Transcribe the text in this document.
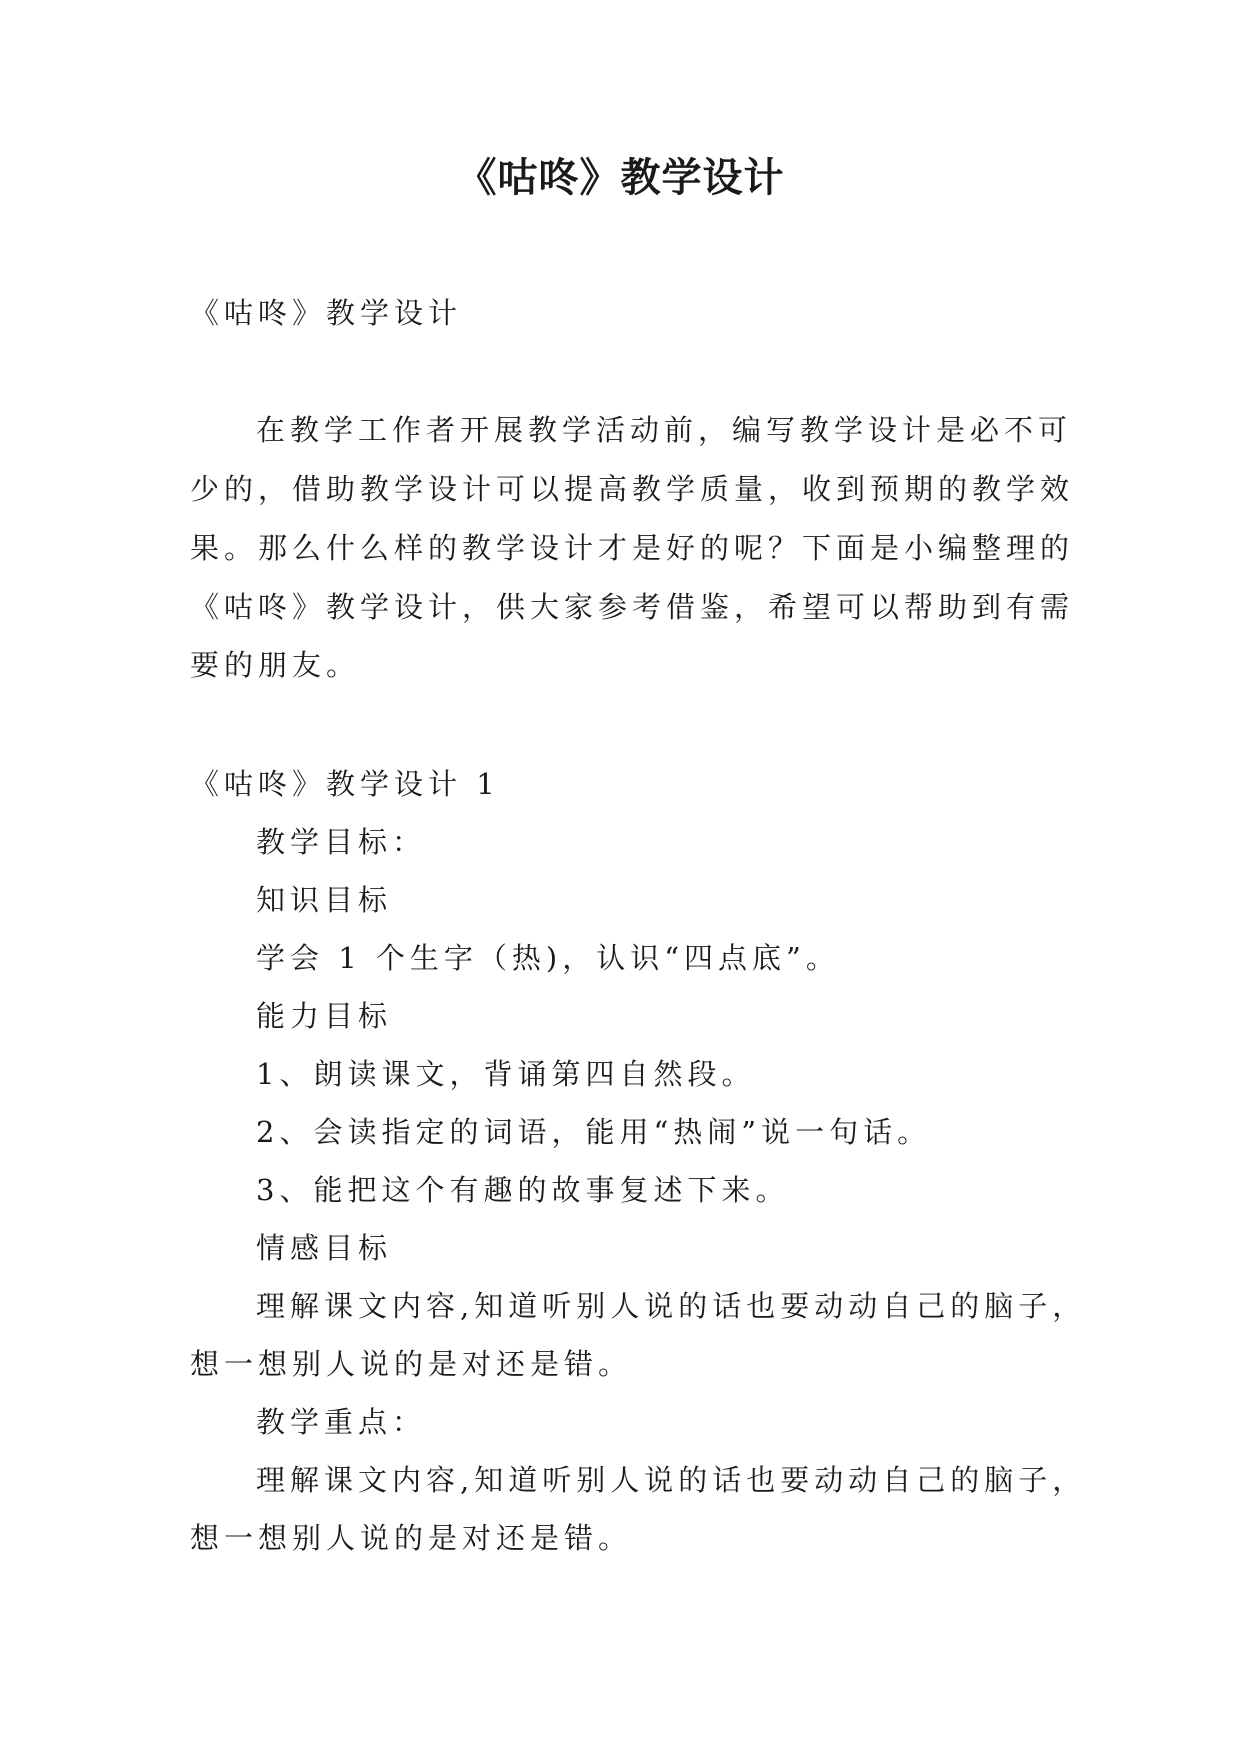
《咕咚》教学设计
《咕咚》教学设计
在教学工作者开展教学活动前，编写教学设计是必不可
少的，借助教学设计可以提高教学质量，收到预期的教学效
果。那么什么样的教学设计才是好的呢？下面是小编整理的
《咕咚》教学设计，供大家参考借鉴，希望可以帮助到有需
要的朋友。
《咕咚》教学设计 1
教学目标：
知识目标
学会 1 个生字（热)，认识“四点底”。
能力目标
1、朗读课文，背诵第四自然段。
2、会读指定的词语，能用“热闹”说一句话。
3、能把这个有趣的故事复述下来。
情感目标
理解课文内容,知道听别人说的话也要动动自己的脑子，
想一想别人说的是对还是错。
教学重点：
理解课文内容,知道听别人说的话也要动动自己的脑子，
想一想别人说的是对还是错。
